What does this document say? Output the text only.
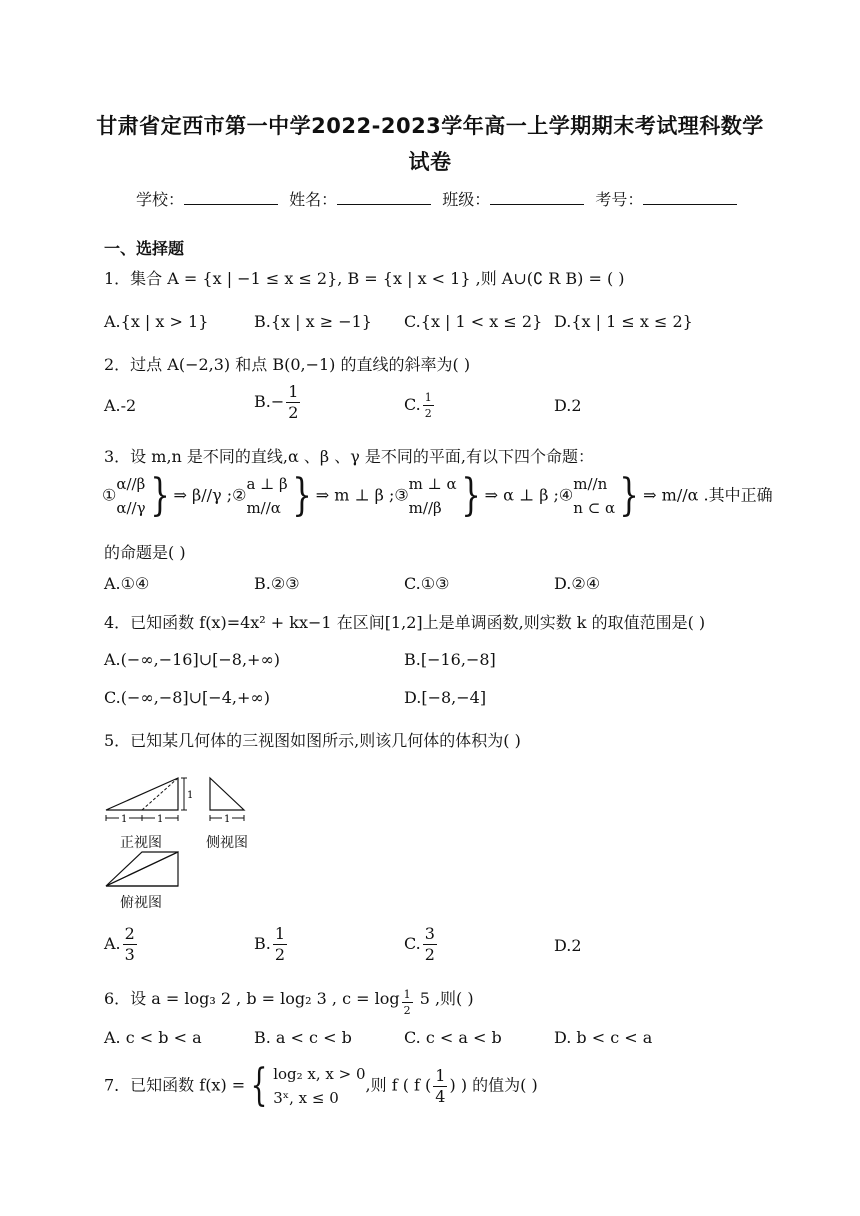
甘肃省定西市第一中学2022-2023学年高一上学期期末考试理科数学
试卷
学校：	姓名：	班级：	考号：
一、选择题
1．集合 A = {x | −1 ≤ x ≤ 2}, B = {x | x < 1} ,则 A∪(∁ R B) = ( )
A.{x | x > 1}	B.{x | x ≥ −1} C.{x | 1 < x ≤ 2} D.{x | 1 ≤ x ≤ 2}
2．过点 A(−2,3) 和点 B(0,−1) 的直线的斜率为( )
A.-2	$B.- \frac{1}{2}$	C. $\frac{1}{2}$	D.2
3．设 m,n 是不同的直线,α 、β 、γ 是不同的平面,有以下四个命题：
①α//β
α//γ} ⇒ β//γ ;②a ⊥ β
m//α } ⇒ m ⊥ β ;③m ⊥ α
m//β } ⇒ α ⊥ β ;④m//n
n ⊂ α} ⇒ m//α .其中正确
的命题是( )
A.①④	B.②③	C.①③	D.②④
4．已知函数 f(x)=4x² + kx−1 在区间[1,2]上是单调函数,则实数 k 的取值范围是( )
A.(−∞,−16]∪[−8,+∞)	B.[−16,−8]
C.(−∞,−8]∪[−4,+∞)	D.[−8,−4]
5．已知某几何体的三视图如图所示,则该几何体的体积为( )
1
1	1	1
正视图	侧视图
俯视图
A. $\frac{2}{3}$	B. $\frac{1}{2}$	C. $\frac{3}{2}$	D.2
6．设 a = log₃ 2 , b = log₂ 3 , $c = \log \frac{1}{2} 5$ ,则( )
A. c < b < a	B. a < c < b	C. c < a < b	D. b < c < a
7．已知函数 f(x) = { log₂ x, x > 0
3ˣ, x ≤ 0,则 f ( f ( $\frac{1}{4}$ ) ) 的值为( )
